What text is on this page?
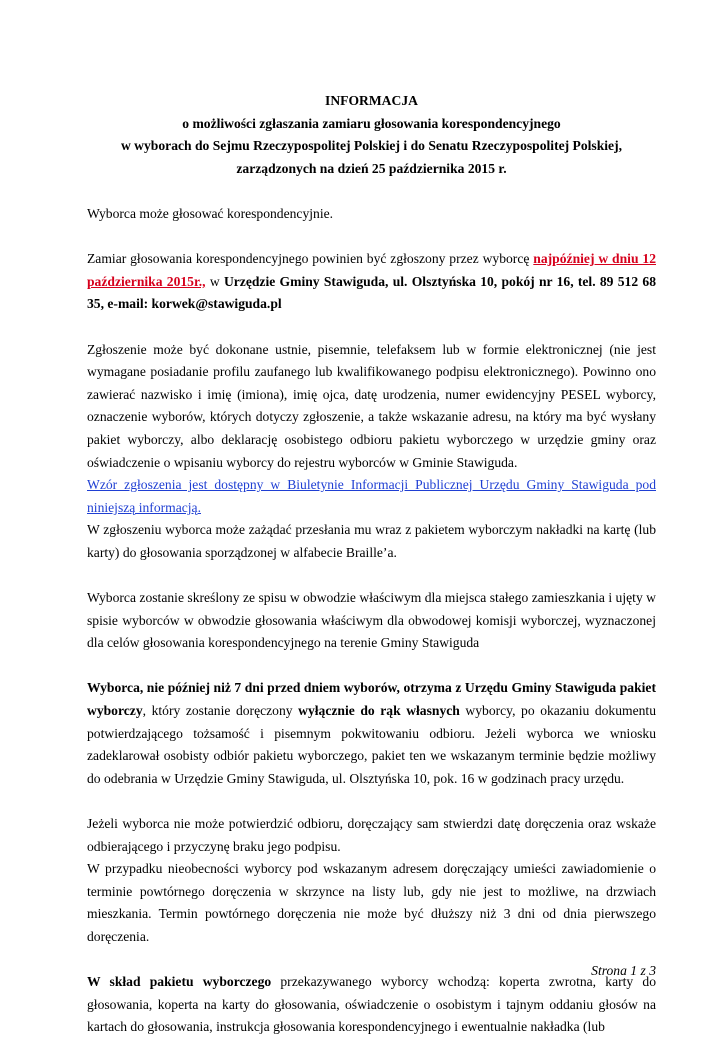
INFORMACJA

o możliwości zgłaszania zamiaru głosowania korespondencyjnego

w wyborach do Sejmu Rzeczypospolitej Polskiej i do Senatu Rzeczypospolitej Polskiej,

zarządzonych na dzień 25 października 2015 r.

Wyborca może głosować korespondencyjnie.

Zamiar głosowania korespondencyjnego powinien być zgłoszony przez wyborcę najpóźniej w dniu 12 października 2015r., w Urzędzie Gminy Stawiguda, ul. Olsztyńska 10, pokój nr 16, tel. 89 512 68 35, e-mail: korwek@stawiguda.pl

Zgłoszenie może być dokonane ustnie, pisemnie, telefaksem lub w formie elektronicznej (nie jest wymagane posiadanie profilu zaufanego lub kwalifikowanego podpisu elektronicznego). Powinno ono zawierać nazwisko i imię (imiona), imię ojca, datę urodzenia, numer ewidencyjny PESEL wyborcy, oznaczenie wyborów, których dotyczy zgłoszenie, a także wskazanie adresu, na który ma być wysłany pakiet wyborczy, albo deklarację osobistego odbioru pakietu wyborczego w urzędzie gminy oraz oświadczenie o wpisaniu wyborcy do rejestru wyborców w Gminie Stawiguda.

Wzór zgłoszenia jest dostępny w Biuletynie Informacji Publicznej Urzędu Gminy Stawiguda pod niniejszą informacją.

W zgłoszeniu wyborca może zażądać przesłania mu wraz z pakietem wyborczym nakładki na kartę (lub karty) do głosowania sporządzonej w alfabecie Braille’a.

Wyborca zostanie skreślony ze spisu w obwodzie właściwym dla miejsca stałego zamieszkania i ujęty w spisie wyborców w obwodzie głosowania właściwym dla obwodowej komisji wyborczej, wyznaczonej dla celów głosowania korespondencyjnego na terenie Gminy Stawiguda

Wyborca, nie później niż 7 dni przed dniem wyborów, otrzyma z Urzędu Gminy Stawiguda pakiet wyborczy, który zostanie doręczony wyłącznie do rąk własnych wyborcy, po okazaniu dokumentu potwierdzającego tożsamość i pisemnym pokwitowaniu odbioru. Jeżeli wyborca we wniosku zadeklarował osobisty odbiór pakietu wyborczego, pakiet ten we wskazanym terminie będzie możliwy do odebrania w Urzędzie Gminy Stawiguda, ul. Olsztyńska 10, pok. 16 w godzinach pracy urzędu.

Jeżeli wyborca nie może potwierdzić odbioru, doręczający sam stwierdzi datę doręczenia oraz wskaże odbierającego i przyczynę braku jego podpisu.

W przypadku nieobecności wyborcy pod wskazanym adresem doręczający umieści zawiadomienie o terminie powtórnego doręczenia w skrzynce na listy lub, gdy nie jest to możliwe, na drzwiach mieszkania. Termin powtórnego doręczenia nie może być dłuższy niż 3 dni od dnia pierwszego doręczenia.

W skład pakietu wyborczego przekazywanego wyborcy wchodzą: koperta zwrotna, karty do głosowania, koperta na karty do głosowania, oświadczenie o osobistym i tajnym oddaniu głosów na kartach do głosowania, instrukcja głosowania korespondencyjnego i ewentualnie nakładka (lub

Strona 1 z 3
